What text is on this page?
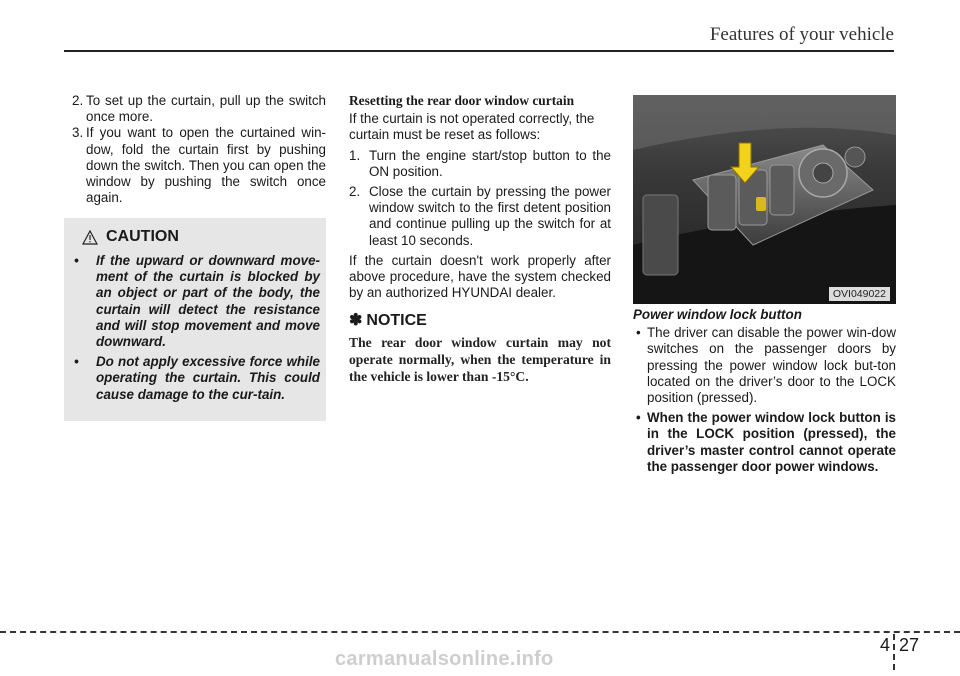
Features of your vehicle
2. To set up the curtain, pull up the switch once more.
3. If you want to open the curtained win-dow, fold the curtain first by pushing down the switch. Then you can open the window by pushing the switch once again.
CAUTION
• If the upward or downward move-ment of the curtain is blocked by an object or part of the body, the curtain will detect the resistance and will stop movement and move downward.
• Do not apply excessive force while operating the curtain. This could cause damage to the cur-tain.
Resetting the rear door window curtain
If the curtain is not operated correctly, the curtain must be reset as follows:
1. Turn the engine start/stop button to the ON position.
2. Close the curtain by pressing the power window switch to the first detent position and continue pulling up the switch for at least 10 seconds.
If the curtain doesn't work properly after above procedure, have the system checked by an authorized HYUNDAI dealer.
✽ NOTICE
The rear door window curtain may not operate normally, when the temperature in the vehicle is lower than -15°C.
OVI049022
Power window lock button
• The driver can disable the power win-dow switches on the passenger doors by pressing the power window lock but-ton located on the driver’s door to the LOCK position (pressed).
• When the power window lock button is in the LOCK position (pressed), the driver’s master control cannot operate the passenger door power windows.
4 27
carmanualsonline.info
